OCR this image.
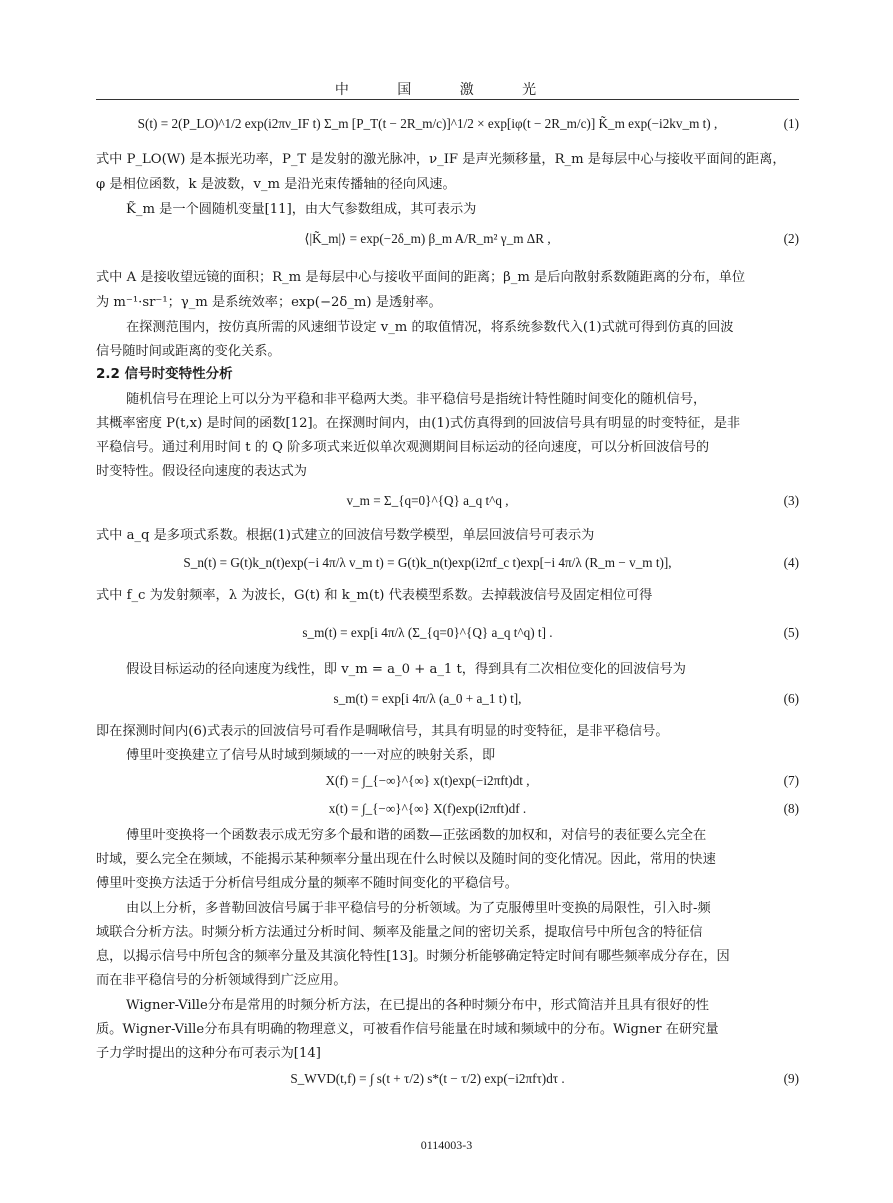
中 国 激 光
S(t) = 2(P_LO)^1/2 exp(i2πν_IF t) Σ_m [P_T(t − 2R_m/c)]^1/2 × exp[iφ(t − 2R_m/c)] K̃_m exp(−i2kv_m t) ,	(1)
式中 P_LO(W) 是本振光功率，P_T 是发射的激光脉冲，ν_IF 是声光频移量，R_m 是每层中心与接收平面间的距离，
φ 是相位函数，k 是波数，v_m 是沿光束传播轴的径向风速。
K̃_m 是一个圆随机变量[11]，由大气参数组成，其可表示为
⟨|K̃_m|⟩ = exp(−2δ_m) β_m A/R_m² γ_m ΔR ,	(2)
式中 A 是接收望远镜的面积；R_m 是每层中心与接收平面间的距离；β_m 是后向散射系数随距离的分布，单位
为 m⁻¹·sr⁻¹；γ_m 是系统效率；exp(−2δ_m) 是透射率。
在探测范围内，按仿真所需的风速细节设定 v_m 的取值情况，将系统参数代入(1)式就可得到仿真的回波
信号随时间或距离的变化关系。
2.2 信号时变特性分析
随机信号在理论上可以分为平稳和非平稳两大类。非平稳信号是指统计特性随时间变化的随机信号，
其概率密度 P(t,x) 是时间的函数[12]。在探测时间内，由(1)式仿真得到的回波信号具有明显的时变特征，是非
平稳信号。通过利用时间 t 的 Q 阶多项式来近似单次观测期间目标运动的径向速度，可以分析回波信号的
时变特性。假设径向速度的表达式为
v_m = Σ_{q=0}^{Q} a_q t^q ,	(3)
式中 a_q 是多项式系数。根据(1)式建立的回波信号数学模型，单层回波信号可表示为
S_n(t) = G(t)k_n(t)exp(−i 4π/λ v_m t) = G(t)k_n(t)exp(i2πf_c t)exp[−i 4π/λ (R_m − v_m t)],	(4)
式中 f_c 为发射频率，λ 为波长，G(t) 和 k_m(t) 代表模型系数。去掉载波信号及固定相位可得
s_m(t) = exp[i 4π/λ (Σ_{q=0}^{Q} a_q t^q) t] .	(5)
假设目标运动的径向速度为线性，即 v_m = a_0 + a_1 t，得到具有二次相位变化的回波信号为
s_m(t) = exp[i 4π/λ (a_0 + a_1 t) t],	(6)
即在探测时间内(6)式表示的回波信号可看作是啁啾信号，其具有明显的时变特征，是非平稳信号。
傅里叶变换建立了信号从时域到频域的一一对应的映射关系，即
X(f) = ∫_{−∞}^{∞} x(t)exp(−i2πft)dt ,	(7)
x(t) = ∫_{−∞}^{∞} X(f)exp(i2πft)df .	(8)
傅里叶变换将一个函数表示成无穷多个最和谐的函数—正弦函数的加权和，对信号的表征要么完全在
时域，要么完全在频域，不能揭示某种频率分量出现在什么时候以及随时间的变化情况。因此，常用的快速
傅里叶变换方法适于分析信号组成分量的频率不随时间变化的平稳信号。
由以上分析，多普勒回波信号属于非平稳信号的分析领域。为了克服傅里叶变换的局限性，引入时-频
域联合分析方法。时频分析方法通过分析时间、频率及能量之间的密切关系，提取信号中所包含的特征信
息，以揭示信号中所包含的频率分量及其演化特性[13]。时频分析能够确定特定时间有哪些频率成分存在，因
而在非平稳信号的分析领域得到广泛应用。
Wigner-Ville分布是常用的时频分析方法，在已提出的各种时频分布中，形式简洁并且具有很好的性
质。Wigner-Ville分布具有明确的物理意义，可被看作信号能量在时域和频域中的分布。Wigner 在研究量
子力学时提出的这种分布可表示为[14]
S_WVD(t,f) = ∫ s(t + τ/2) s*(t − τ/2) exp(−i2πfτ)dτ .	(9)
0114003-3
